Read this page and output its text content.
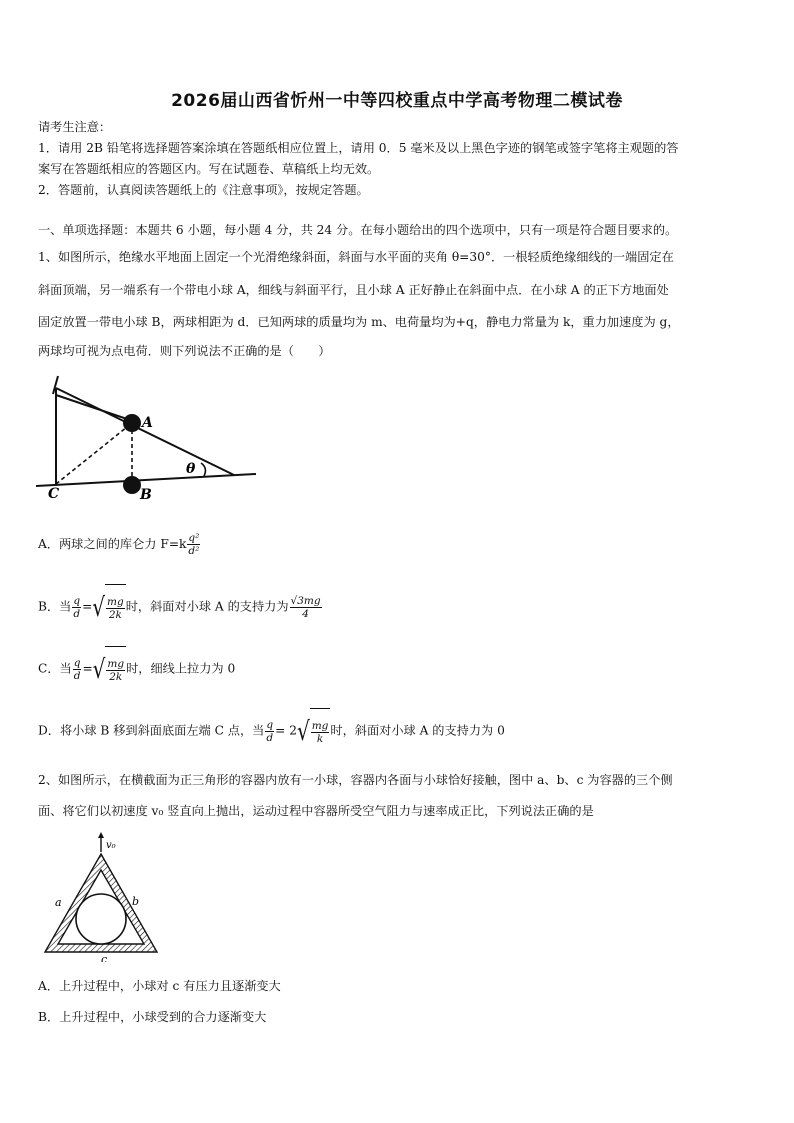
2026届山西省忻州一中等四校重点中学高考物理二模试卷
请考生注意：
1．请用 2B 铅笔将选择题答案涂填在答题纸相应位置上，请用 0．5 毫米及以上黑色字迹的钢笔或签字笔将主观题的答
案写在答题纸相应的答题区内。写在试题卷、草稿纸上均无效。
2．答题前，认真阅读答题纸上的《注意事项》，按规定答题。
一、单项选择题：本题共 6 小题，每小题 4 分，共 24 分。在每小题给出的四个选项中，只有一项是符合题目要求的。
1、如图所示，绝缘水平地面上固定一个光滑绝缘斜面，斜面与水平面的夹角 θ=30°．一根轻质绝缘细线的一端固定在
斜面顶端，另一端系有一个带电小球 A，细线与斜面平行，且小球 A 正好静止在斜面中点．在小球 A 的正下方地面处
固定放置一带电小球 B，两球相距为 d．已知两球的质量均为 m、电荷量均为+q，静电力常量为 k，重力加速度为 g，
两球均可视为点电荷．则下列说法不正确的是（　　）
A
B
C
θ
A．两球之间的库仑力 $F=k \frac{\text{q²}}{\text{d²}}$
B．当 $\frac{q}{d}$ = √ $\frac{mg}{2k}$ 时，斜面对小球 A 的支持力为 $\frac{√3mg}{4}$
C．当 $\frac{q}{d}$ = √ $\frac{mg}{2k}$ 时，细线上拉力为 0
D．将小球 B 移到斜面底面左端 C 点，当 $\frac{q}{d} = 2$ √ $\frac{mg}{k}$ 时，斜面对小球 A 的支持力为 0
2、如图所示，在横截面为正三角形的容器内放有一小球，容器内各面与小球恰好接触，图中 a、b、c 为容器的三个侧
面、将它们以初速度 v₀ 竖直向上抛出，运动过程中容器所受空气阻力与速率成正比，下列说法正确的是
v₀
a	b
c
A．上升过程中，小球对 c 有压力且逐渐变大
B．上升过程中，小球受到的合力逐渐变大
